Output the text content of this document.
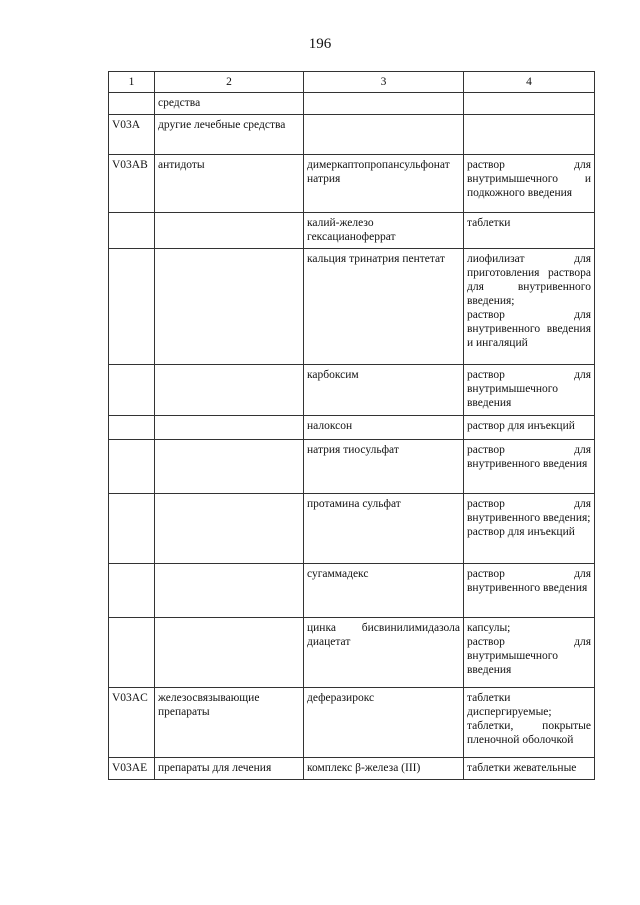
196
1	2	3	4

	средства		

V03A	другие лечебные средства		

V03AB	антидоты	димеркаптопропансульфонат натрия	раствор для внутримышечного и подкожного введения

		калий-железо гексацианоферрат	таблетки

		кальция тринатрия пентетат	лиофилизат для приготовления раствора для внутривенного введения;
раствор для внутривенного введения и ингаляций

		карбоксим	раствор для внутримышечного введения

		налоксон	раствор для инъекций

		натрия тиосульфат	раствор для внутривенного введения

		протамина сульфат	раствор для внутривенного введения;
раствор для инъекций

		сугаммадекс	раствор для внутривенного введения

		цинка бисвинилимидазола диацетат	капсулы;
раствор для внутримышечного введения

V03AC	железосвязывающие препараты	деферазирокс	таблетки диспергируемые;
таблетки, покрытые пленочной оболочкой

V03AE	препараты для лечения	комплекс β-железа (III)	таблетки жевательные
